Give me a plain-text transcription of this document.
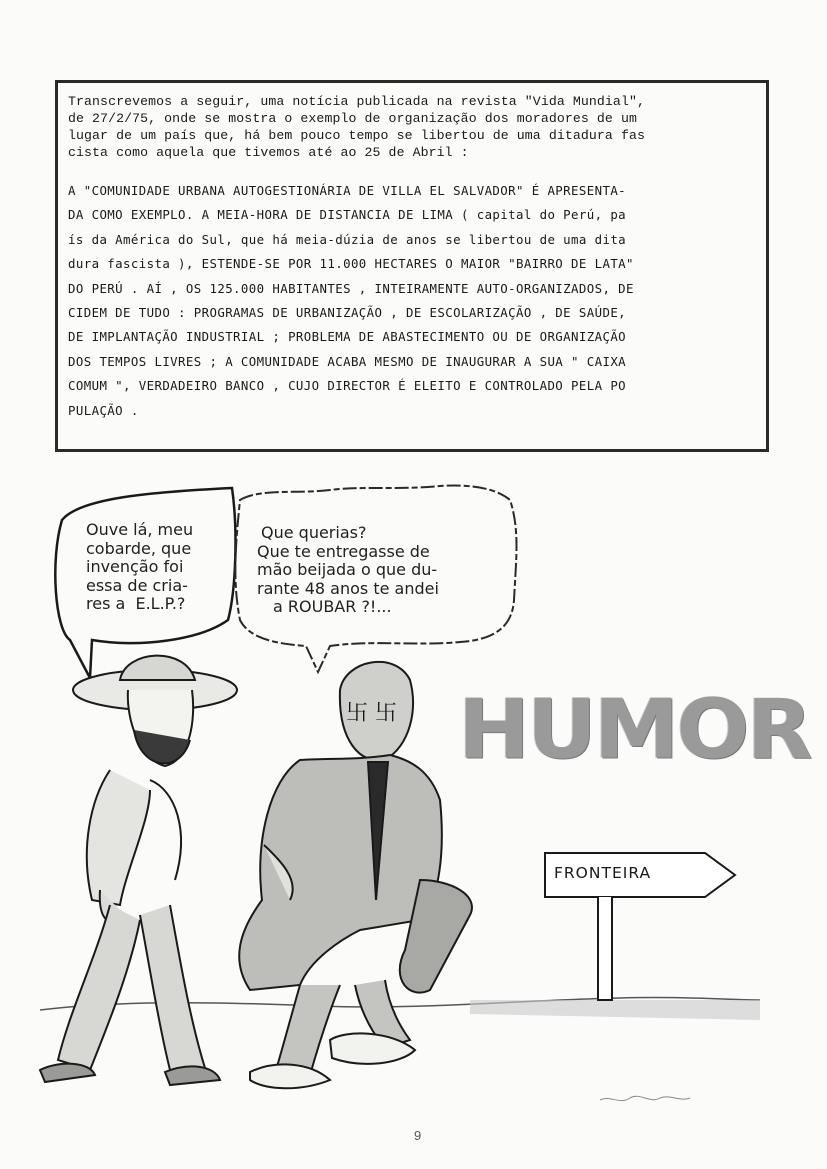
Transcrevemos a seguir, uma notícia publicada na revista "Vida Mundial",
de 27/2/75, onde se mostra o exemplo de organização dos moradores de um
lugar de um país que, há bem pouco tempo se libertou de uma ditadura fas
cista como aquela que tivemos até ao 25 de Abril :
A "COMUNIDADE URBANA AUTOGESTIONÁRIA DE VILLA EL SALVADOR" É APRESENTA-
DA COMO EXEMPLO. A MEIA-HORA DE DISTANCIA DE LIMA ( capital do Perú, pa
ís da América do Sul, que há meia-dúzia de anos se libertou de uma dita
dura fascista ), ESTENDE-SE POR 11.000 HECTARES O MAIOR "BAIRRO DE LATA"
DO PERÚ . AÍ , OS 125.000 HABITANTES , INTEIRAMENTE AUTO-ORGANIZADOS, DE
CIDEM DE TUDO : PROGRAMAS DE URBANIZAÇÃO , DE ESCOLARIZAÇÃO , DE SAÚDE,
DE IMPLANTAÇÃO INDUSTRIAL ; PROBLEMA DE ABASTECIMENTO OU DE ORGANIZAÇÃO
DOS TEMPOS LIVRES ; A COMUNIDADE ACABA MESMO DE INAUGURAR A SUA " CAIXA
COMUM ", VERDADEIRO BANCO , CUJO DIRECTOR É ELEITO E CONTROLADO PELA PO
PULAÇÃO .
卐 卐
Ouve lá, meu
cobarde, que
invenção foi
essa de cria-
res a  E.L.P.?
Que querias?
Que te entregasse de
mão beijada o que du-
rante 48 anos te andei
a ROUBAR ?!...
HUMOR
FRONTEIRA
9
